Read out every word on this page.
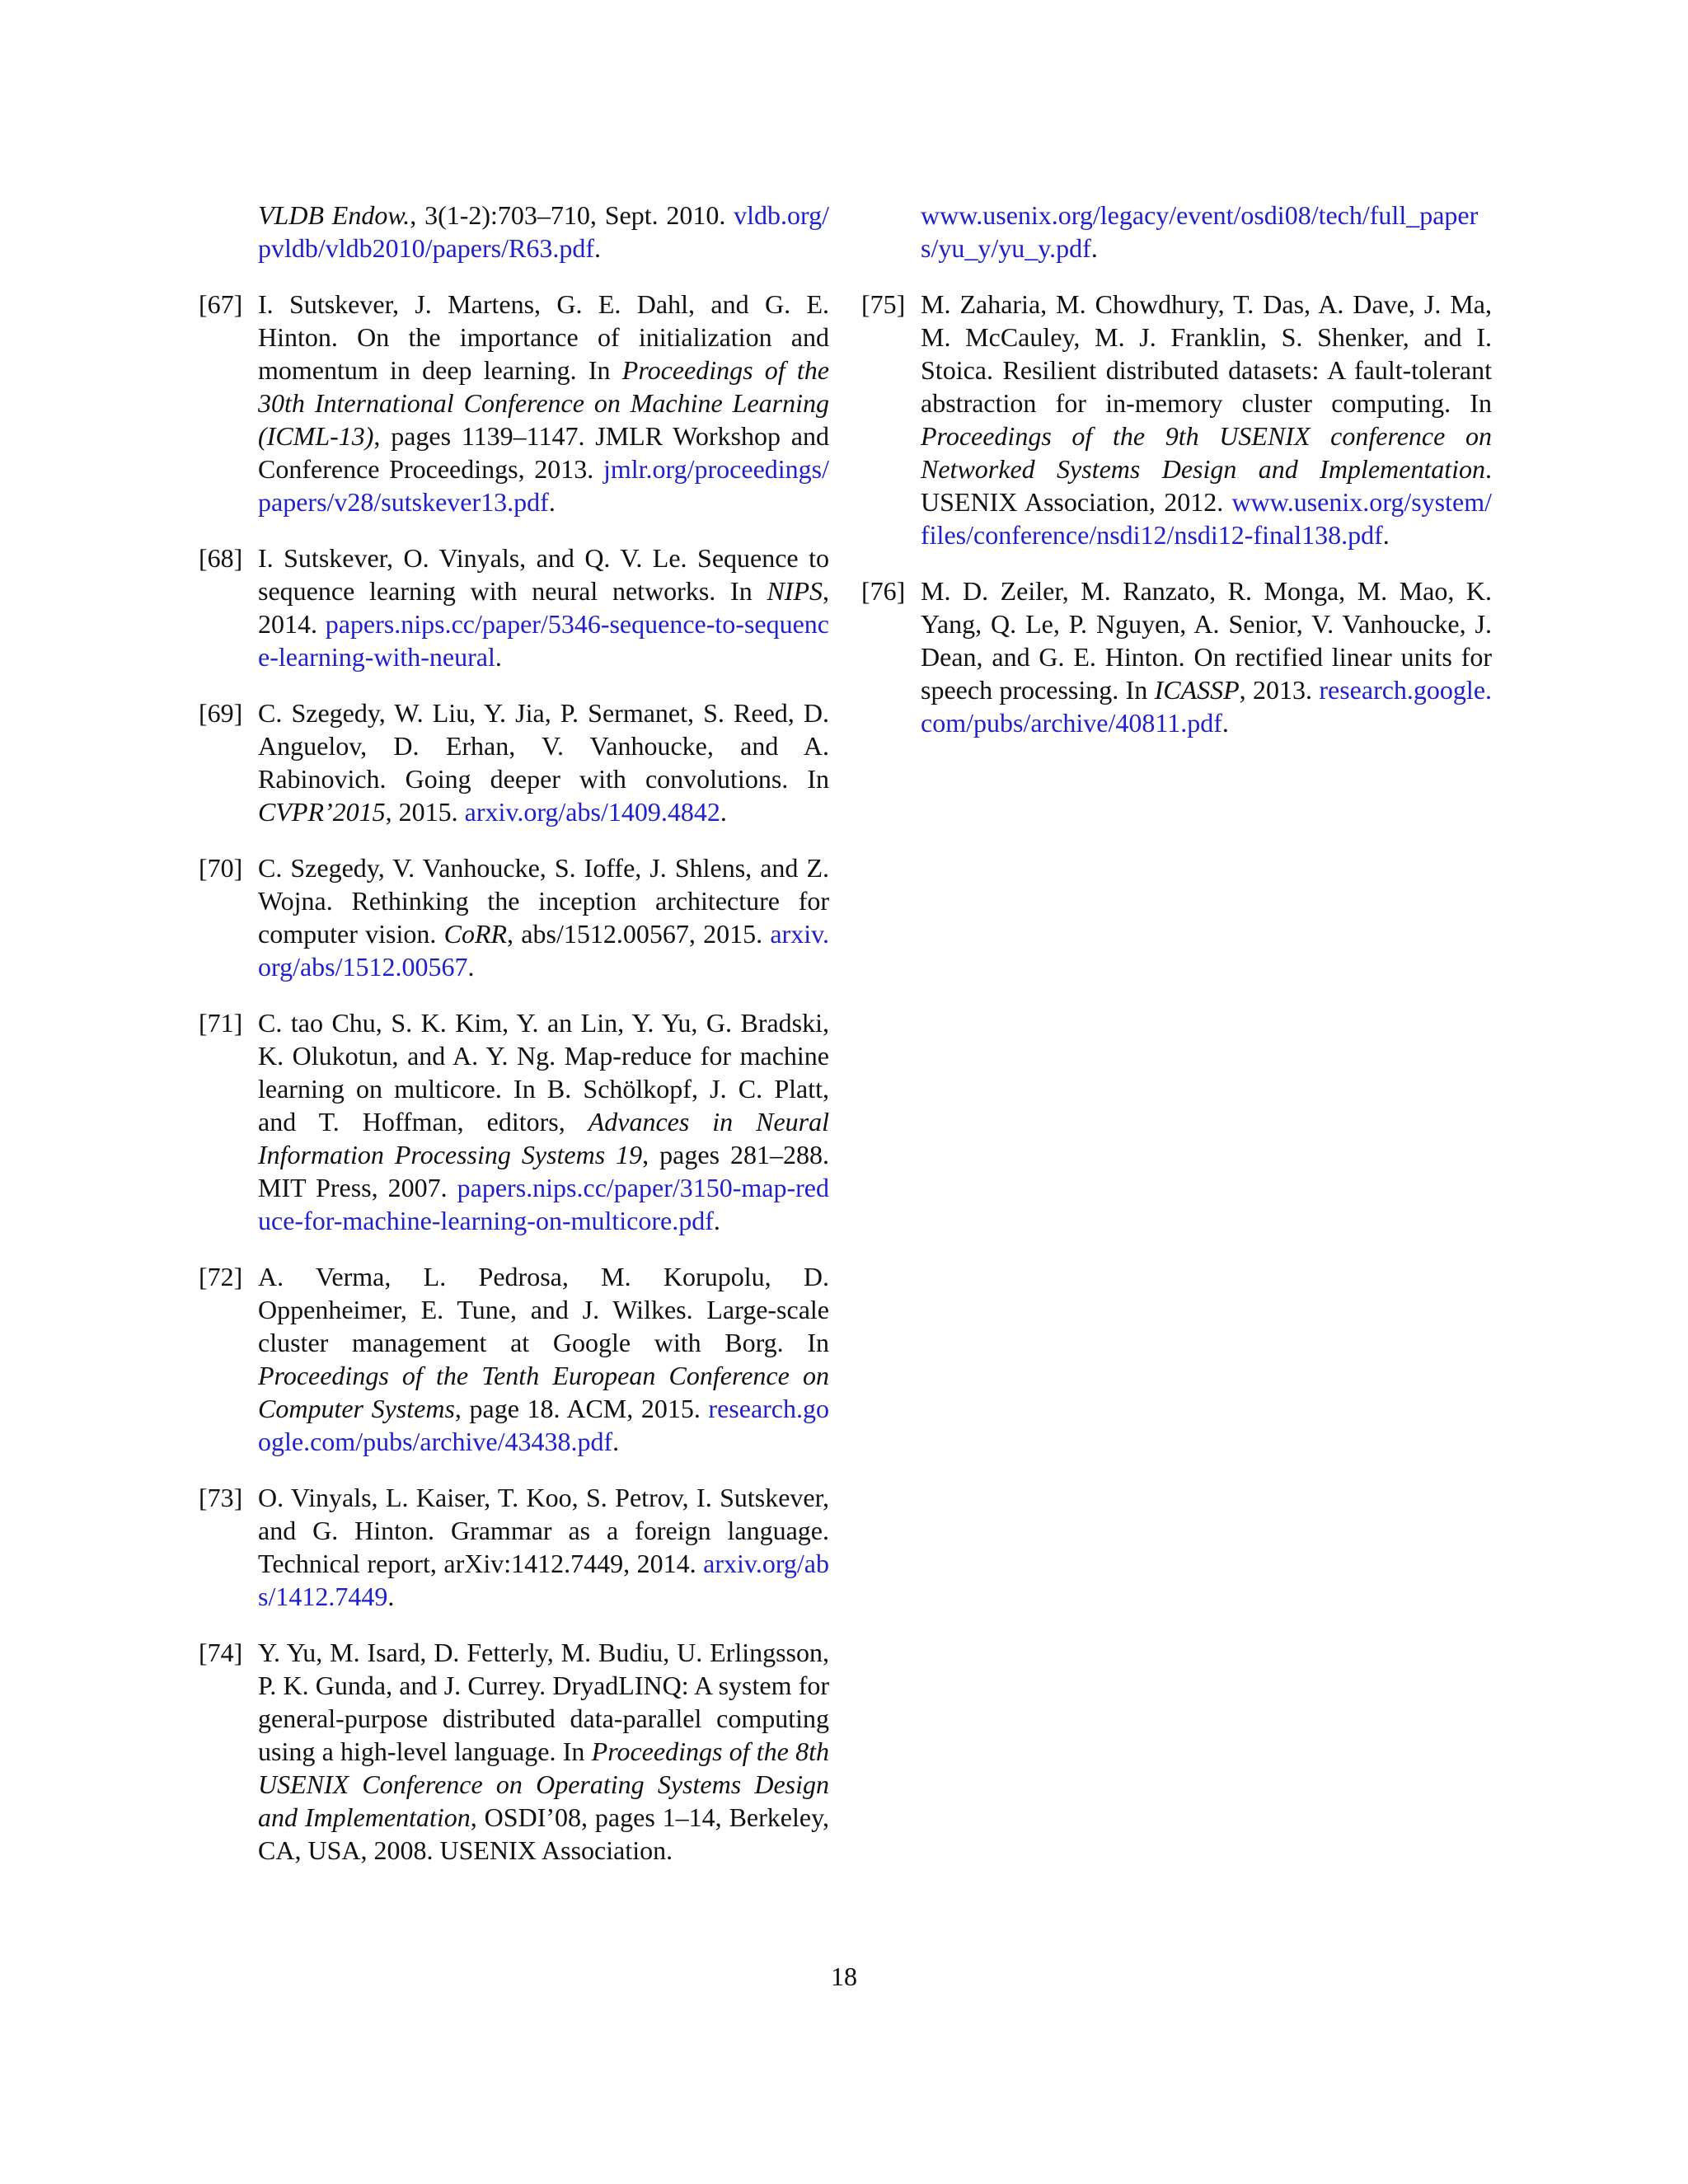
VLDB Endow., 3(1-2):703–710, Sept. 2010. vldb.org/pvldb/vldb2010/papers/R63.pdf.
[67] I. Sutskever, J. Martens, G. E. Dahl, and G. E. Hinton. On the importance of initialization and momentum in deep learning. In Proceedings of the 30th International Conference on Machine Learning (ICML-13), pages 1139–1147. JMLR Workshop and Conference Proceedings, 2013. jmlr.org/proceedings/papers/v28/sutskever13.pdf.
[68] I. Sutskever, O. Vinyals, and Q. V. Le. Sequence to sequence learning with neural networks. In NIPS, 2014. papers.nips.cc/paper/5346-sequence-to-sequence-learning-with-neural.
[69] C. Szegedy, W. Liu, Y. Jia, P. Sermanet, S. Reed, D. Anguelov, D. Erhan, V. Vanhoucke, and A. Rabinovich. Going deeper with convolutions. In CVPR’2015, 2015. arxiv.org/abs/1409.4842.
[70] C. Szegedy, V. Vanhoucke, S. Ioffe, J. Shlens, and Z. Wojna. Rethinking the inception architecture for computer vision. CoRR, abs/1512.00567, 2015. arxiv.org/abs/1512.00567.
[71] C. tao Chu, S. K. Kim, Y. an Lin, Y. Yu, G. Bradski, K. Olukotun, and A. Y. Ng. Map-reduce for machine learning on multicore. In B. Schölkopf, J. C. Platt, and T. Hoffman, editors, Advances in Neural Information Processing Systems 19, pages 281–288. MIT Press, 2007. papers.nips.cc/paper/3150-map-reduce-for-machine-learning-on-multicore.pdf.
[72] A. Verma, L. Pedrosa, M. Korupolu, D. Oppenheimer, E. Tune, and J. Wilkes. Large-scale cluster management at Google with Borg. In Proceedings of the Tenth European Conference on Computer Systems, page 18. ACM, 2015. research.google.com/pubs/archive/43438.pdf.
[73] O. Vinyals, L. Kaiser, T. Koo, S. Petrov, I. Sutskever, and G. Hinton. Grammar as a foreign language. Technical report, arXiv:1412.7449, 2014. arxiv.org/abs/1412.7449.
[74] Y. Yu, M. Isard, D. Fetterly, M. Budiu, U. Erlingsson, P. K. Gunda, and J. Currey. DryadLINQ: A system for general-purpose distributed data-parallel computing using a high-level language. In Proceedings of the 8th USENIX Conference on Operating Systems Design and Implementation, OSDI’08, pages 1–14, Berkeley, CA, USA, 2008. USENIX Association.
www.usenix.org/legacy/event/osdi08/tech/full_papers/yu_y/yu_y.pdf.
[75] M. Zaharia, M. Chowdhury, T. Das, A. Dave, J. Ma, M. McCauley, M. J. Franklin, S. Shenker, and I. Stoica. Resilient distributed datasets: A fault-tolerant abstraction for in-memory cluster computing. In Proceedings of the 9th USENIX conference on Networked Systems Design and Implementation. USENIX Association, 2012. www.usenix.org/system/files/conference/nsdi12/nsdi12-final138.pdf.
[76] M. D. Zeiler, M. Ranzato, R. Monga, M. Mao, K. Yang, Q. Le, P. Nguyen, A. Senior, V. Vanhoucke, J. Dean, and G. E. Hinton. On rectified linear units for speech processing. In ICASSP, 2013. research.google.com/pubs/archive/40811.pdf.
18
